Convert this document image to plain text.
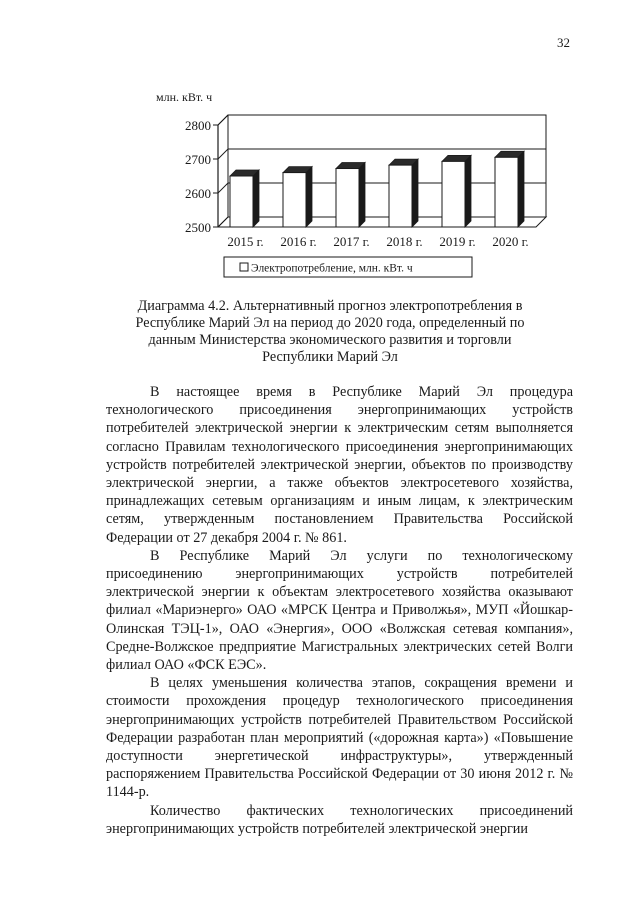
32
млн. кВт. ч
2500
2600
2700
2800
2015 г. 2016 г. 2017 г. 2018 г. 2019 г. 2020 г.
Электропотребление, млн. кВт. ч
Диаграмма 4.2. Альтернативный прогноз электропотребления в Республике Марий Эл на период до 2020 года, определенный по данным Министерства экономического развития и торговли Республики Марий Эл

В настоящее время в Республике Марий Эл процедура технологического присоединения энергопринимающих устройств потребителей электрической энергии к электрическим сетям выполняется согласно Правилам технологического присоединения энергопринимающих устройств потребителей электрической энергии, объектов по производству электрической энергии, а также объектов электросетевого хозяйства, принадлежащих сетевым организациям и иным лицам, к электрическим сетям, утвержденным постановлением Правительства Российской Федерации от 27 декабря 2004 г. № 861.

В Республике Марий Эл услуги по технологическому присоединению энергопринимающих устройств потребителей электрической энергии к объектам электросетевого хозяйства оказывают филиал «Мариэнерго» ОАО «МРСК Центра и Приволжья», МУП «Йошкар-Олинская ТЭЦ-1», ОАО «Энергия», ООО «Волжская сетевая компания», Средне-Волжское предприятие Магистральных электрических сетей Волги филиал ОАО «ФСК ЕЭС».

В целях уменьшения количества этапов, сокращения времени и стоимости прохождения процедур технологического присоединения энергопринимающих устройств потребителей Правительством Российской Федерации разработан план мероприятий («дорожная карта») «Повышение доступности энергетической инфраструктуры», утвержденный распоряжением Правительства Российской Федерации от 30 июня 2012 г. № 1144-р.

Количество фактических технологических присоединений энергопринимающих устройств потребителей электрической энергии
